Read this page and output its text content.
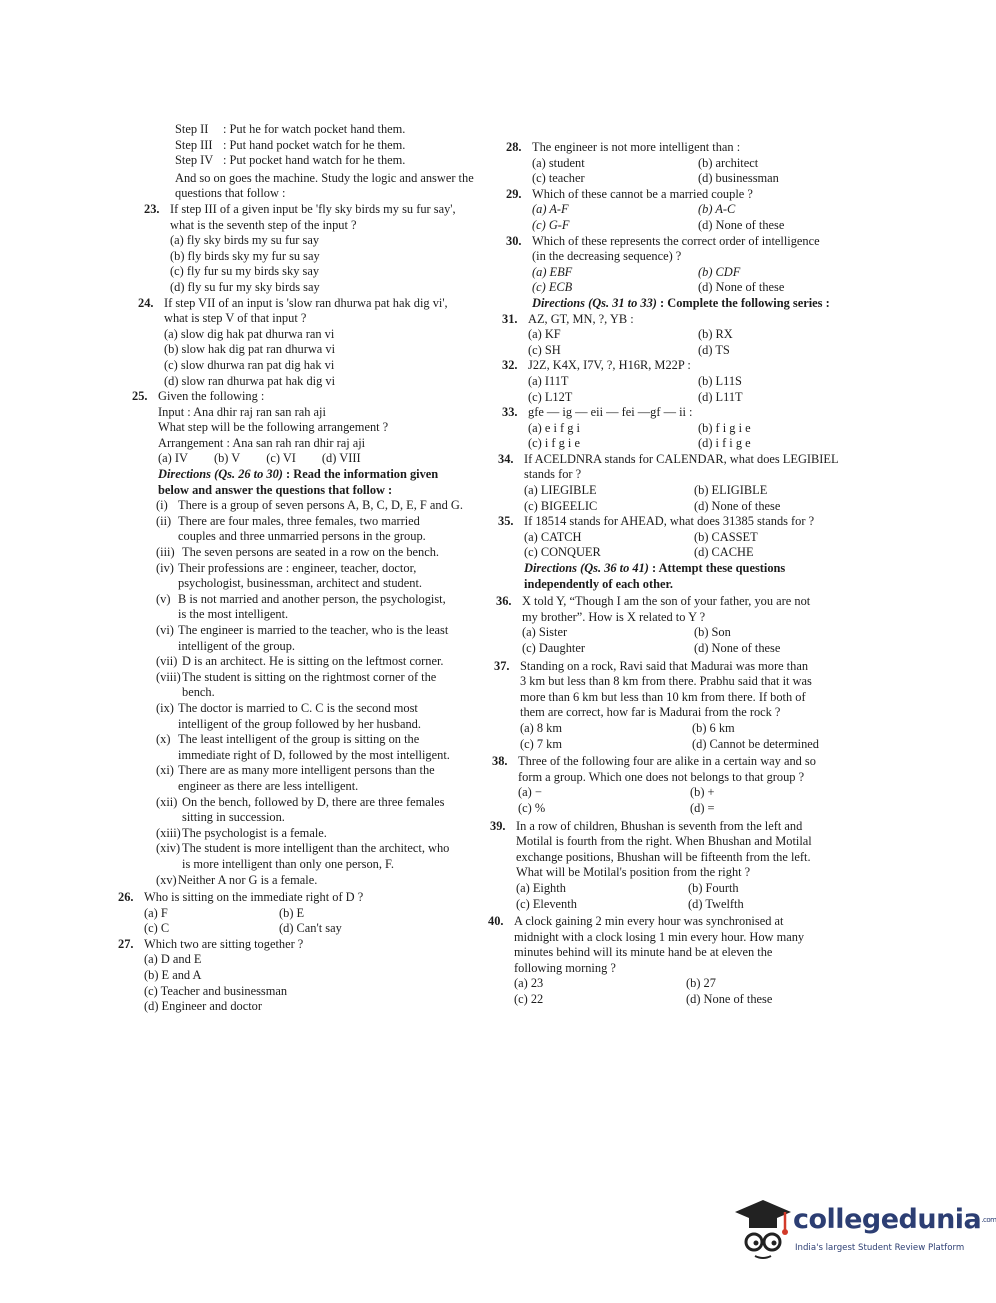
Step II : Put he for watch pocket hand them.
Step III : Put hand pocket watch for he them.
Step IV : Put pocket hand watch for he them.
And so on goes the machine. Study the logic and answer the
questions that follow :
23. If step III of a given input be 'fly sky birds my su fur say',
what is the seventh step of the input ?
(a) fly sky birds my su fur say
(b) fly birds sky my fur su say
(c) fly fur su my birds sky say
(d) fly su fur my sky birds say
24. If step VII of an input is 'slow ran dhurwa pat hak dig vi',
what is step V of that input ?
(a) slow dig hak pat dhurwa ran vi
(b) slow hak dig pat ran dhurwa vi
(c) slow dhurwa ran pat dig hak vi
(d) slow ran dhurwa pat hak dig vi
25. Given the following :
Input : Ana dhir raj ran san rah aji
What step will be the following arrangement ?
Arrangement : Ana san rah ran dhir raj aji
(a) IV (b) V (c) VI (d) VIII
Directions (Qs. 26 to 30) : Read the information given
below and answer the questions that follow :
(i) There is a group of seven persons A, B, C, D, E, F and G.
(ii) There are four males, three females, two married
couples and three unmarried persons in the group.
(iii) The seven persons are seated in a row on the bench.
(iv) Their professions are : engineer, teacher, doctor,
psychologist, businessman, architect and student.
(v) B is not married and another person, the psychologist,
is the most intelligent.
(vi) The engineer is married to the teacher, who is the least
intelligent of the group.
(vii) D is an architect. He is sitting on the leftmost corner.
(viii) The student is sitting on the rightmost corner of the
bench.
(ix) The doctor is married to C. C is the second most
intelligent of the group followed by her husband.
(x) The least intelligent of the group is sitting on the
immediate right of D, followed by the most intelligent.
(xi) There are as many more intelligent persons than the
engineer as there are less intelligent.
(xii) On the bench, followed by D, there are three females
sitting in succession.
(xiii) The psychologist is a female.
(xiv) The student is more intelligent than the architect, who
is more intelligent than only one person, F.
(xv) Neither A nor G is a female.
26. Who is sitting on the immediate right of D ?
(a) F	(b) E
(c) C	(d) Can't say
27. Which two are sitting together ?
(a) D and E
(b) E and A
(c) Teacher and businessman
(d) Engineer and doctor
28. The engineer is not more intelligent than :
(a) student	(b) architect
(c) teacher	(d) businessman
29. Which of these cannot be a married couple ?
(a) A-F	(b) A-C
(c) G-F	(d) None of these
30. Which of these represents the correct order of intelligence
(in the decreasing sequence) ?
(a) EBF	(b) CDF
(c) ECB	(d) None of these
Directions (Qs. 31 to 33) : Complete the following series :
31. AZ, GT, MN, ?, YB :
(a) KF	(b) RX
(c) SH	(d) TS
32. J2Z, K4X, I7V, ?, H16R, M22P :
(a) I11T	(b) L11S
(c) L12T	(d) L11T
33. gfe — ig — eii — fei —gf — ii :
(a) e i f g i	(b) f i g i e
(c) i f g i e	(d) i f i g e
34. If ACELDNRA stands for CALENDAR, what does LEGIBIEL
stands for ?
(a) LIEGIBLE	(b) ELIGIBLE
(c) BIGEELIC	(d) None of these
35. If 18514 stands for AHEAD, what does 31385 stands for ?
(a) CATCH	(b) CASSET
(c) CONQUER	(d) CACHE
Directions (Qs. 36 to 41) : Attempt these questions
independently of each other.
36. X told Y, “Though I am the son of your father, you are not
my brother”. How is X related to Y ?
(a) Sister	(b) Son
(c) Daughter	(d) None of these
37. Standing on a rock, Ravi said that Madurai was more than
3 km but less than 8 km from there. Prabhu said that it was
more than 6 km but less than 10 km from there. If both of
them are correct, how far is Madurai from the rock ?
(a) 8 km	(b) 6 km
(c) 7 km	(d) Cannot be determined
38. Three of the following four are alike in a certain way and so
form a group. Which one does not belongs to that group ?
(a) −	(b) +
(c) %	(d) =
39. In a row of children, Bhushan is seventh from the left and
Motilal is fourth from the right. When Bhushan and Motilal
exchange positions, Bhushan will be fifteenth from the left.
What will be Motilal's position from the right ?
(a) Eighth	(b) Fourth
(c) Eleventh	(d) Twelfth
40. A clock gaining 2 min every hour was synchronised at
midnight with a clock losing 1 min every hour. How many
minutes behind will its minute hand be at eleven the
following morning ?
(a) 23	(b) 27
(c) 22	(d) None of these
collegedunia$^{.com}$
India's largest Student Review Platform
